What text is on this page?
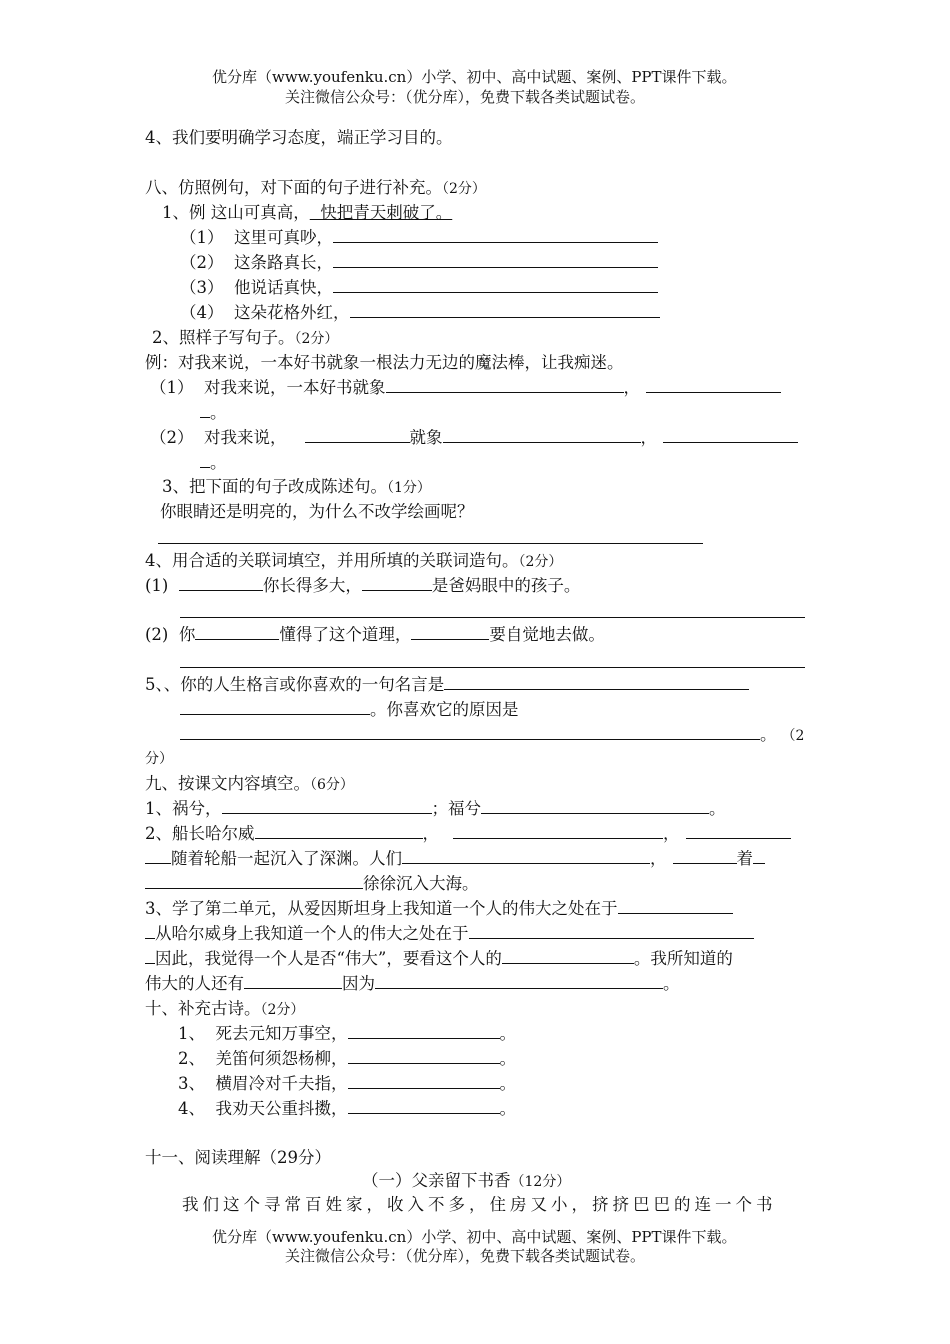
优分库（www.youfenku.cn）小学、初中、高中试题、案例、PPT课件下载。
关注微信公众号：（优分库），免费下载各类试题试卷。
4、我们要明确学习态度，端正学习目的。
八、仿照例句，对下面的句子进行补充。（2分）
1、例 这山可真高，  快把青天刺破了。
（1） 这里可真吵，
（2） 这条路真长，
（3） 他说话真快，
（4） 这朵花格外红，
2、照样子写句子。（2分）
例：对我来说，一本好书就象一根法力无边的魔法棒，让我痴迷。
（1） 对我来说，一本好书就象	，
。
（2） 对我来说，	就象	，
。
3、把下面的句子改成陈述句。（1分）
你眼睛还是明亮的，为什么不改学绘画呢？
4、用合适的关联词填空，并用所填的关联词造句。（2分）
(1)	你长得多大，	是爸妈眼中的孩子。
(2) 你	懂得了这个道理，	要自觉地去做。
5、、你的人生格言或你喜欢的一句名言是
。你喜欢它的原因是
。 （2
分）
九、按课文内容填空。（6分）
1、祸兮，	；福兮	。
2、船长哈尔威	，	，
随着轮船一起沉入了深渊。人们	，	着
徐徐沉入大海。
3、学了第二单元，从爱因斯坦身上我知道一个人的伟大之处在于
从哈尔威身上我知道一个人的伟大之处在于
因此，我觉得一个人是否“伟大”，要看这个人的	。我所知道的
伟大的人还有	因为	。
十、补充古诗。（2分）
1、 死去元知万事空，	。
2、 羌笛何须怨杨柳，	。
3、 横眉冷对千夫指，	。
4、 我劝天公重抖擞，	。
十一、阅读理解（29分）
（一）父亲留下书香（12分）
我们这个寻常百姓家，收入不多，住房又小，挤挤巴巴的连一个书
优分库（www.youfenku.cn）小学、初中、高中试题、案例、PPT课件下载。
关注微信公众号：（优分库），免费下载各类试题试卷。
